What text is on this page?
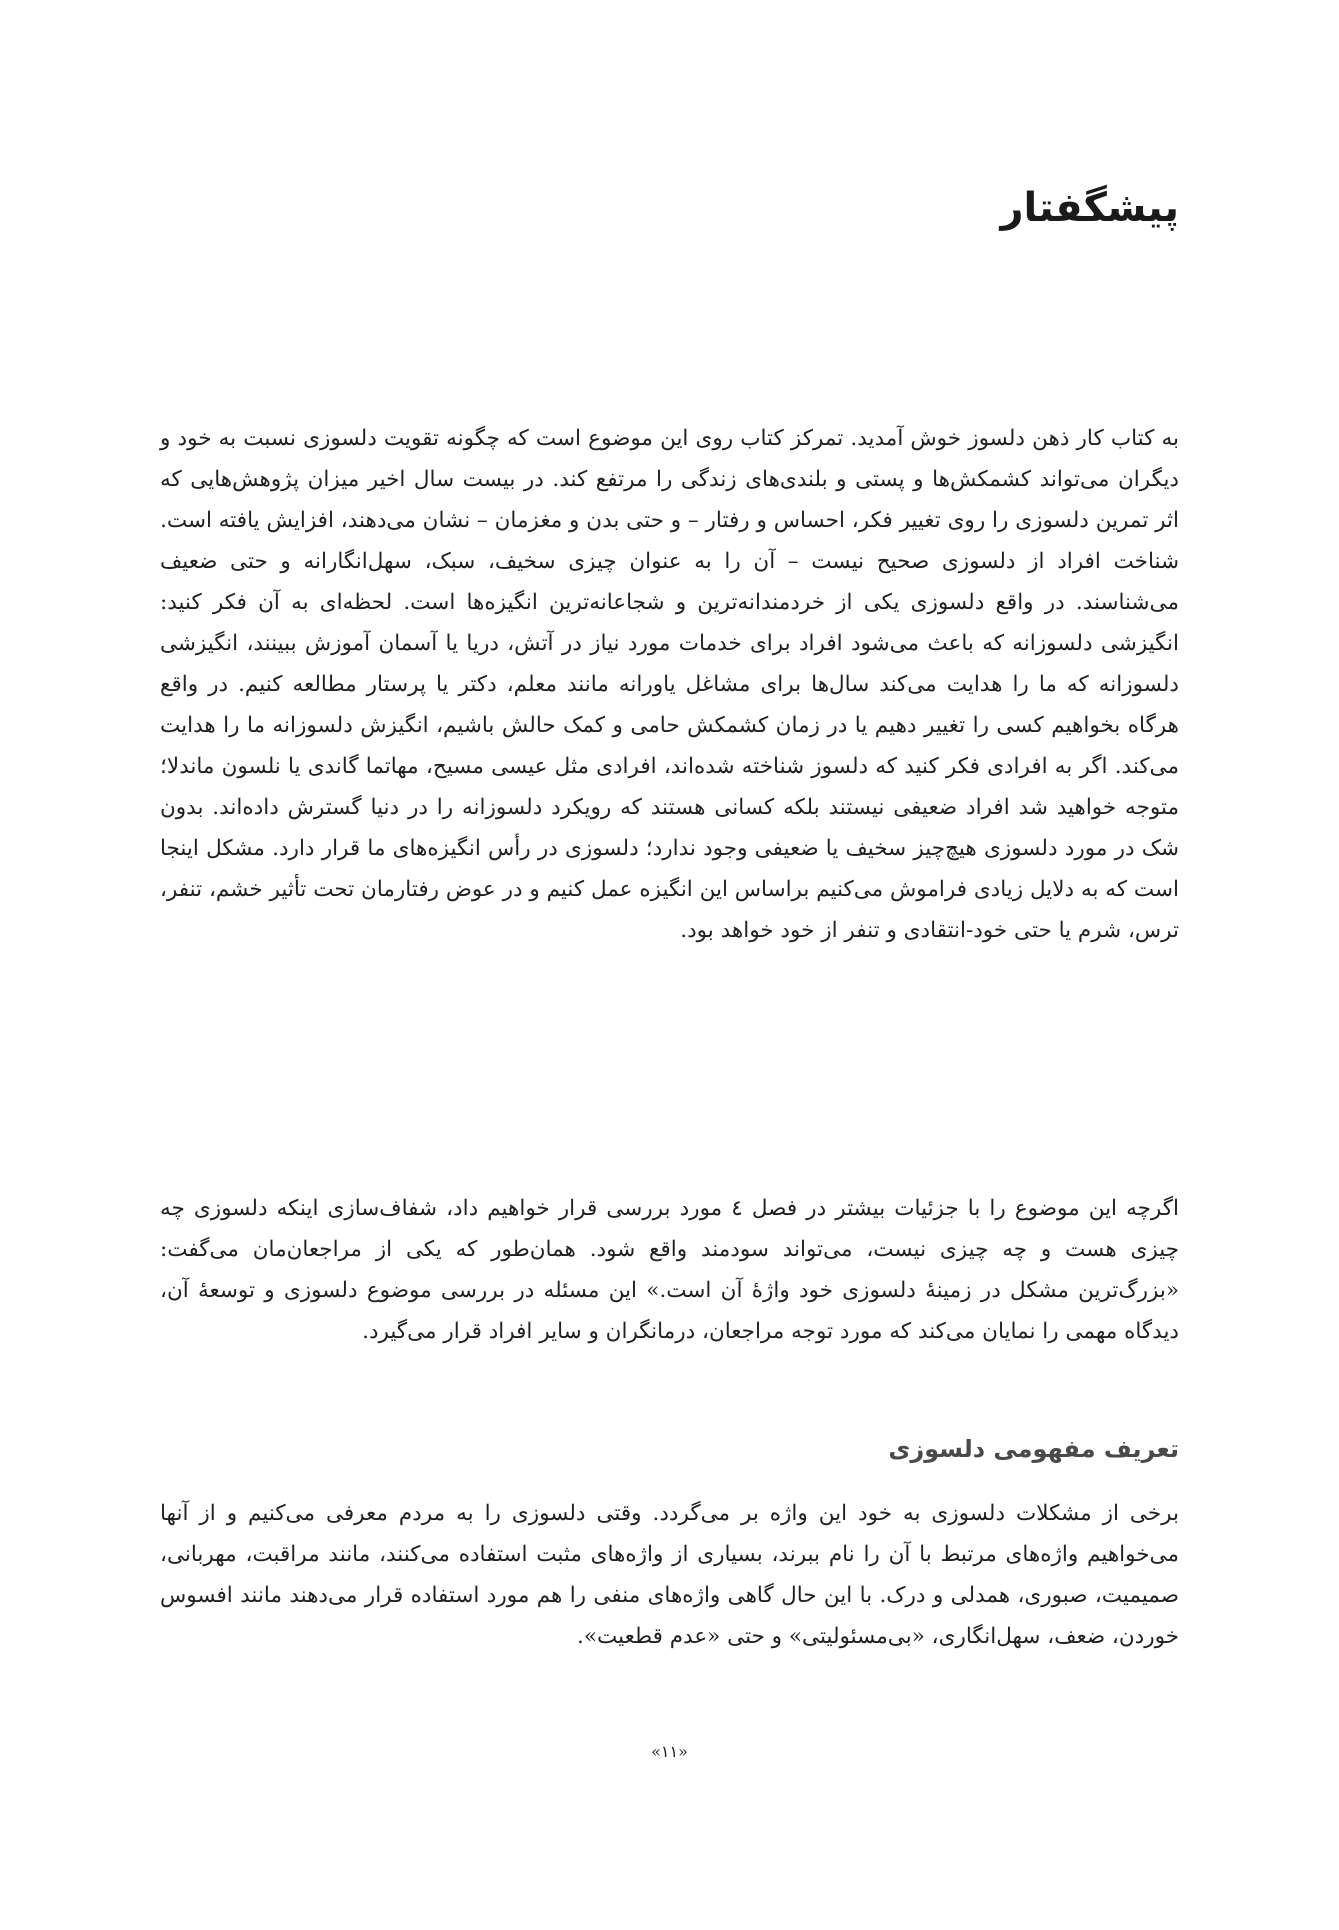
پیشگفتار

به کتاب کار ذهن دلسوز خوش آمدید. تمرکز کتاب روی این موضوع است که چگونه تقویت دلسوزی نسبت به خود و دیگران می‌تواند کشمکش‌ها و پستی و بلندی‌های زندگی را مرتفع کند. در بیست سال اخیر میزان پژوهش‌هایی که اثر تمرین دلسوزی را روی تغییر فکر، احساس و رفتار – و حتی بدن و مغزمان – نشان می‌دهند، افزایش یافته است. شناخت افراد از دلسوزی صحیح نیست – آن را به عنوان چیزی سخیف، سبک، سهل‌انگارانه و حتی ضعیف می‌شناسند. در واقع دلسوزی یکی از خردمندانه‌ترین و شجاعانه‌ترین انگیزه‌ها است. لحظه‌ای به آن فکر کنید: انگیزشی دلسوزانه که باعث می‌شود افراد برای خدمات مورد نیاز در آتش، دریا یا آسمان آموزش ببینند، انگیزشی دلسوزانه که ما را هدایت می‌کند سال‌ها برای مشاغل یاورانه مانند معلم، دکتر یا پرستار مطالعه کنیم. در واقع هرگاه بخواهیم کسی را تغییر دهیم یا در زمان کشمکش حامی و کمک حالش باشیم، انگیزش دلسوزانه ما را هدایت می‌کند. اگر به افرادی فکر کنید که دلسوز شناخته شده‌اند، افرادی مثل عیسی مسیح، مهاتما گاندی یا نلسون ماندلا؛ متوجه خواهید شد افراد ضعیفی نیستند بلکه کسانی هستند که رویکرد دلسوزانه را در دنیا گسترش داده‌اند. بدون شک در مورد دلسوزی هیچ‌چیز سخیف یا ضعیفی وجود ندارد؛ دلسوزی در رأس انگیزه‌های ما قرار دارد. مشکل اینجا است که به دلایل زیادی فراموش می‌کنیم براساس این انگیزه عمل کنیم و در عوض رفتارمان تحت تأثیر خشم، تنفر، ترس، شرم یا حتی خود-انتقادی و تنفر از خود خواهد بود.

اگرچه این موضوع را با جزئیات بیشتر در فصل ٤ مورد بررسی قرار خواهیم داد، شفاف‌سازی اینکه دلسوزی چه چیزی هست و چه چیزی نیست، می‌تواند سودمند واقع شود. همان‌طور که یکی از مراجعان‌مان می‌گفت: «بزرگ‌ترین مشکل در زمینهٔ دلسوزی خود واژهٔ آن است.» این مسئله در بررسی موضوع دلسوزی و توسعهٔ آن، دیدگاه مهمی را نمایان می‌کند که مورد توجه مراجعان، درمانگران و سایر افراد قرار می‌گیرد.

تعریف مفهومی دلسوزی

برخی از مشکلات دلسوزی به خود این واژه بر می‌گردد. وقتی دلسوزی را به مردم معرفی می‌کنیم و از آنها می‌خواهیم واژه‌های مرتبط با آن را نام ببرند، بسیاری از واژه‌های مثبت استفاده می‌کنند، مانند مراقبت، مهربانی، صمیمیت، صبوری، همدلی و درک. با این حال گاهی واژه‌های منفی را هم مورد استفاده قرار می‌دهند مانند افسوس خوردن، ضعف، سهل‌انگاری، «بی‌مسئولیتی» و حتی «عدم قطعیت».

«١١»
